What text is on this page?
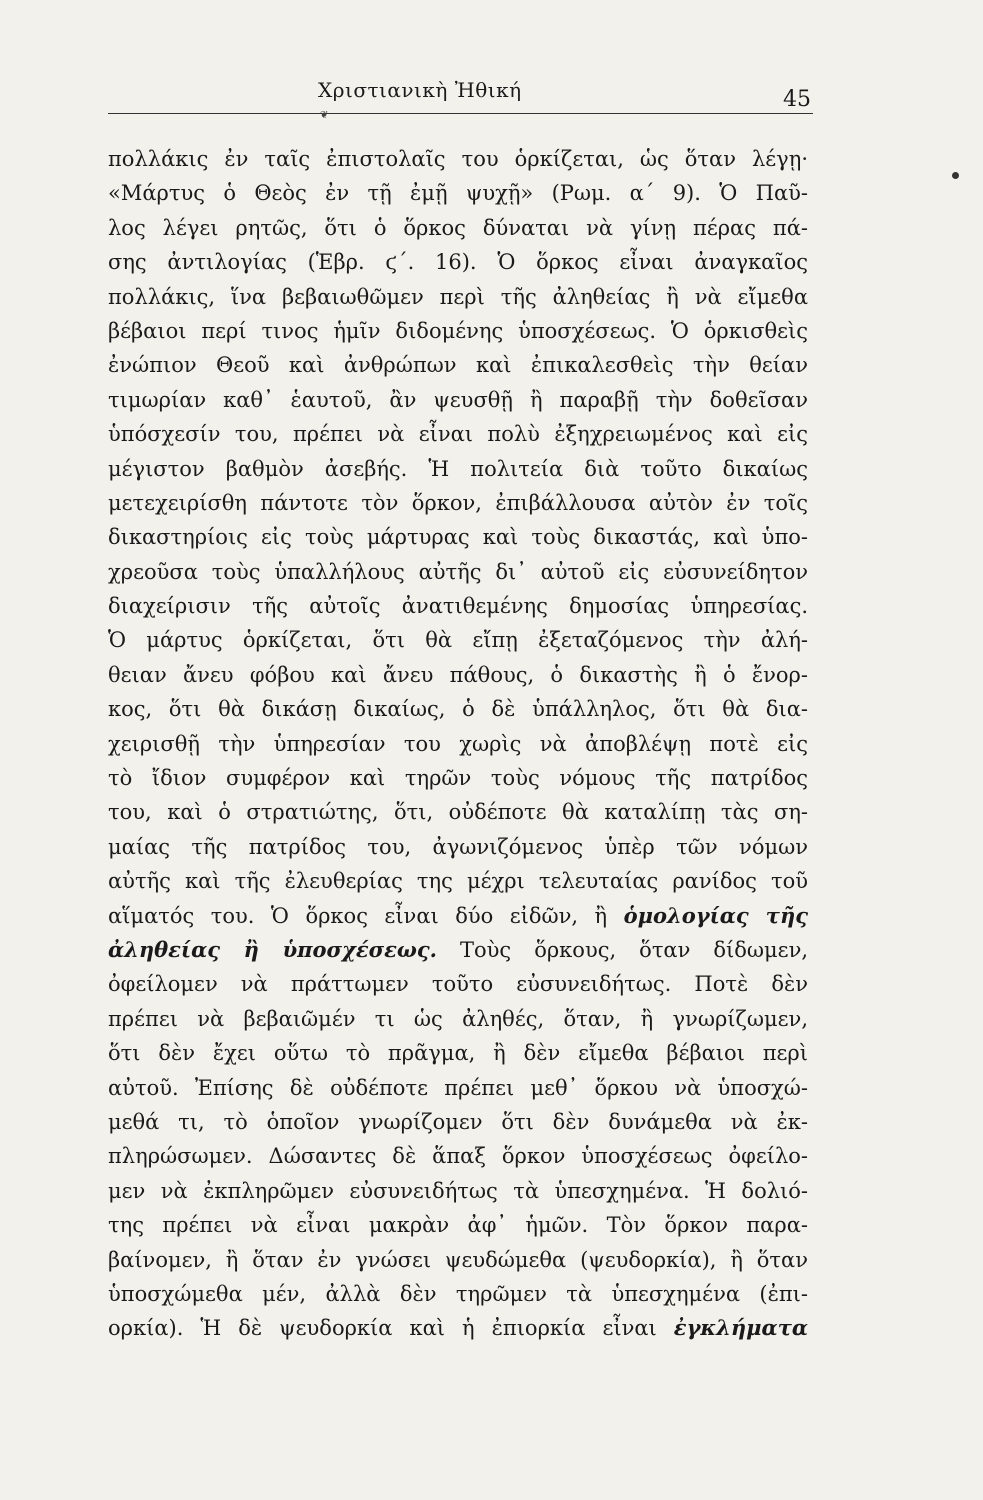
Χριστιανικὴ Ἠθική	45
❦
πολλάκις ἐν ταῖς ἐπιστολαῖς του ὁρκίζεται, ὡς ὅταν λέγῃ·
«Μάρτυς ὁ Θεὸς ἐν τῇ ἐμῇ ψυχῇ» (Ρωμ. α΄ 9). Ὁ Παῦ-
λος λέγει ρητῶς, ὅτι ὁ ὅρκος δύναται νὰ γίνῃ πέρας πά-
σης ἀντιλογίας (Ἑβρ. ϛ΄. 16). Ὁ ὅρκος εἶναι ἀναγκαῖος
πολλάκις, ἵνα βεβαιωθῶμεν περὶ τῆς ἀληθείας ἢ νὰ εἴμεθα
βέβαιοι περί τινος ἡμῖν διδομένης ὑποσχέσεως. Ὁ ὁρκισθεὶς
ἐνώπιον Θεοῦ καὶ ἀνθρώπων καὶ ἐπικαλεσθεὶς τὴν θείαν
τιμωρίαν καθ᾽ ἑαυτοῦ, ἂν ψευσθῇ ἢ παραβῇ τὴν δοθεῖσαν
ὑπόσχεσίν του, πρέπει νὰ εἶναι πολὺ ἐξηχρειωμένος καὶ εἰς
μέγιστον βαθμὸν ἀσεβής. Ἡ πολιτεία διὰ τοῦτο δικαίως
μετεχειρίσθη πάντοτε τὸν ὅρκον, ἐπιβάλλουσα αὐτὸν ἐν τοῖς
δικαστηρίοις εἰς τοὺς μάρτυρας καὶ τοὺς δικαστάς, καὶ ὑπο-
χρεοῦσα τοὺς ὑπαλλήλους αὐτῆς δι᾽ αὐτοῦ εἰς εὐσυνείδητον
διαχείρισιν τῆς αὐτοῖς ἀνατιθεμένης δημοσίας ὑπηρεσίας.
Ὁ μάρτυς ὁρκίζεται, ὅτι θὰ εἴπῃ ἐξεταζόμενος τὴν ἀλή-
θειαν ἄνευ φόβου καὶ ἄνευ πάθους, ὁ δικαστὴς ἢ ὁ ἔνορ-
κος, ὅτι θὰ δικάσῃ δικαίως, ὁ δὲ ὑπάλληλος, ὅτι θὰ δια-
χειρισθῇ τὴν ὑπηρεσίαν του χωρὶς νὰ ἀποβλέψῃ ποτὲ εἰς
τὸ ἴδιον συμφέρον καὶ τηρῶν τοὺς νόμους τῆς πατρίδος
του, καὶ ὁ στρατιώτης, ὅτι, οὐδέποτε θὰ καταλίπῃ τὰς ση-
μαίας τῆς πατρίδος του, ἀγωνιζόμενος ὑπὲρ τῶν νόμων
αὐτῆς καὶ τῆς ἐλευθερίας της μέχρι τελευταίας ρανίδος τοῦ
αἵματός του. Ὁ ὅρκος εἶναι δύο εἰδῶν, ἢ ὁμολογίας τῆς
ἀληθείας ἢ ὑποσχέσεως. Τοὺς ὅρκους, ὅταν δίδωμεν,
ὀφείλομεν νὰ πράττωμεν τοῦτο εὐσυνειδήτως. Ποτὲ δὲν
πρέπει νὰ βεβαιῶμέν τι ὡς ἀληθές, ὅταν, ἢ γνωρίζωμεν,
ὅτι δὲν ἔχει οὕτω τὸ πρᾶγμα, ἢ δὲν εἴμεθα βέβαιοι περὶ
αὐτοῦ. Ἐπίσης δὲ οὐδέποτε πρέπει μεθ᾽ ὅρκου νὰ ὑποσχώ-
μεθά τι, τὸ ὁποῖον γνωρίζομεν ὅτι δὲν δυνάμεθα νὰ ἐκ-
πληρώσωμεν. Δώσαντες δὲ ἅπαξ ὅρκον ὑποσχέσεως ὀφείλο-
μεν νὰ ἐκπληρῶμεν εὐσυνειδήτως τὰ ὑπεσχημένα. Ἡ δολιό-
της πρέπει νὰ εἶναι μακρὰν ἀφ᾽ ἡμῶν. Τὸν ὅρκον παρα-
βαίνομεν, ἢ ὅταν ἐν γνώσει ψευδώμεθα (ψευδορκία), ἢ ὅταν
ὑποσχώμεθα μέν, ἀλλὰ δὲν τηρῶμεν τὰ ὑπεσχημένα (ἐπι-
ορκία). Ἡ δὲ ψευδορκία καὶ ἡ ἐπιορκία εἶναι ἐγκλήματα
